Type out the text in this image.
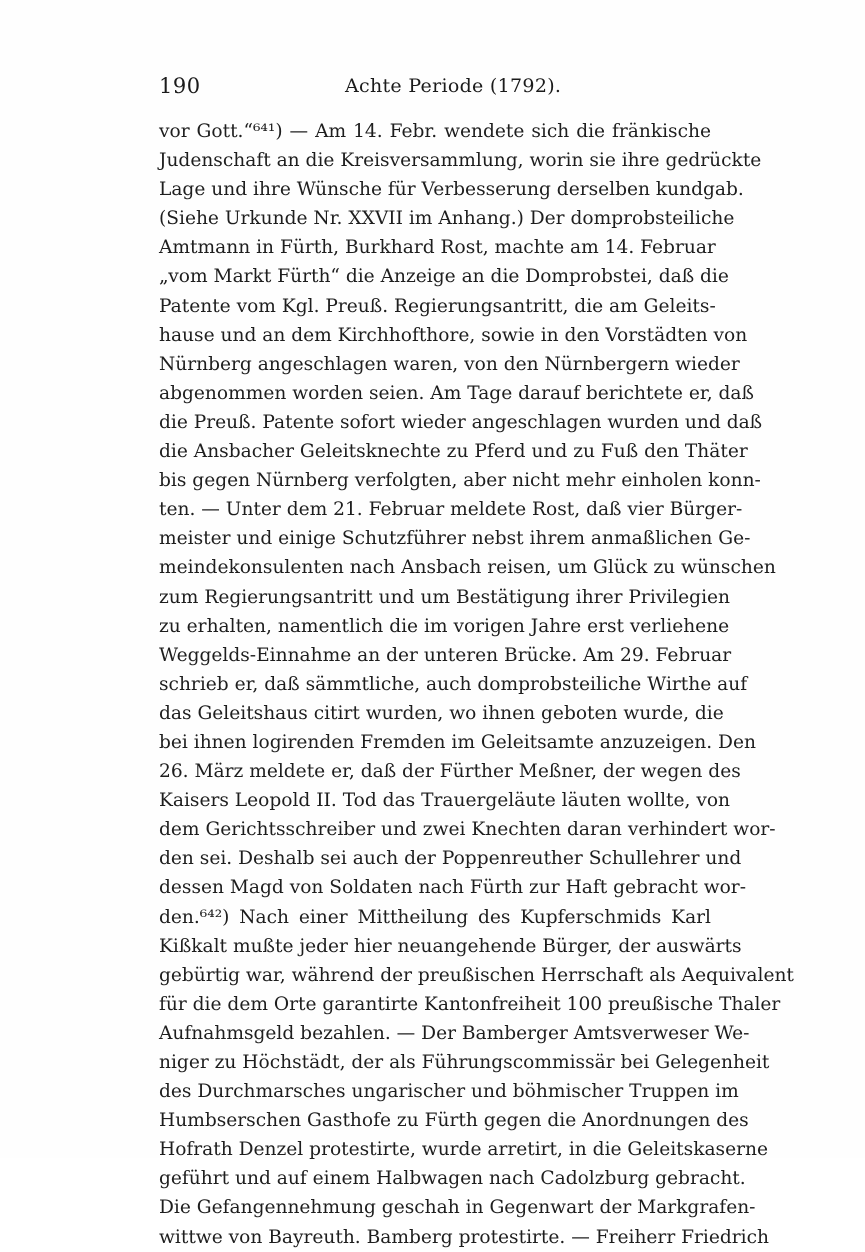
190	Achte Periode (1792).
vor Gott.“⁶⁴¹) — Am 14. Febr. wendete sich die fränkische
Judenschaft an die Kreisversammlung, worin sie ihre gedrückte
Lage und ihre Wünsche für Verbesserung derselben kundgab.
(Siehe Urkunde Nr. XXVII im Anhang.) Der domprobsteiliche
Amtmann in Fürth, Burkhard Rost, machte am 14. Februar
„vom Markt Fürth“ die Anzeige an die Domprobstei, daß die
Patente vom Kgl. Preuß. Regierungsantritt, die am Geleits-
hause und an dem Kirchhofthore, sowie in den Vorstädten von
Nürnberg angeschlagen waren, von den Nürnbergern wieder
abgenommen worden seien. Am Tage darauf berichtete er, daß
die Preuß. Patente sofort wieder angeschlagen wurden und daß
die Ansbacher Geleitsknechte zu Pferd und zu Fuß den Thäter
bis gegen Nürnberg verfolgten, aber nicht mehr einholen konn-
ten. — Unter dem 21. Februar meldete Rost, daß vier Bürger-
meister und einige Schutzführer nebst ihrem anmaßlichen Ge-
meindekonsulenten nach Ansbach reisen, um Glück zu wünschen
zum Regierungsantritt und um Bestätigung ihrer Privilegien
zu erhalten, namentlich die im vorigen Jahre erst verliehene
Weggelds-Einnahme an der unteren Brücke. Am 29. Februar
schrieb er, daß sämmtliche, auch domprobsteiliche Wirthe auf
das Geleitshaus citirt wurden, wo ihnen geboten wurde, die
bei ihnen logirenden Fremden im Geleitsamte anzuzeigen. Den
26. März meldete er, daß der Fürther Meßner, der wegen des
Kaisers Leopold II. Tod das Trauergeläute läuten wollte, von
dem Gerichtsschreiber und zwei Knechten daran verhindert wor-
den sei. Deshalb sei auch der Poppenreuther Schullehrer und
dessen Magd von Soldaten nach Fürth zur Haft gebracht wor-
den.⁶⁴²) Nach einer Mittheilung des Kupferschmids Karl
Kißkalt mußte jeder hier neuangehende Bürger, der auswärts
gebürtig war, während der preußischen Herrschaft als Aequivalent
für die dem Orte garantirte Kantonfreiheit 100 preußische Thaler
Aufnahmsgeld bezahlen. — Der Bamberger Amtsverweser We-
niger zu Höchstädt, der als Führungscommissär bei Gelegenheit
des Durchmarsches ungarischer und böhmischer Truppen im
Humbserschen Gasthofe zu Fürth gegen die Anordnungen des
Hofrath Denzel protestirte, wurde arretirt, in die Geleitskaserne
geführt und auf einem Halbwagen nach Cadolzburg gebracht.
Die Gefangennehmung geschah in Gegenwart der Markgrafen-
wittwe von Bayreuth. Bamberg protestirte. — Freiherr Friedrich
